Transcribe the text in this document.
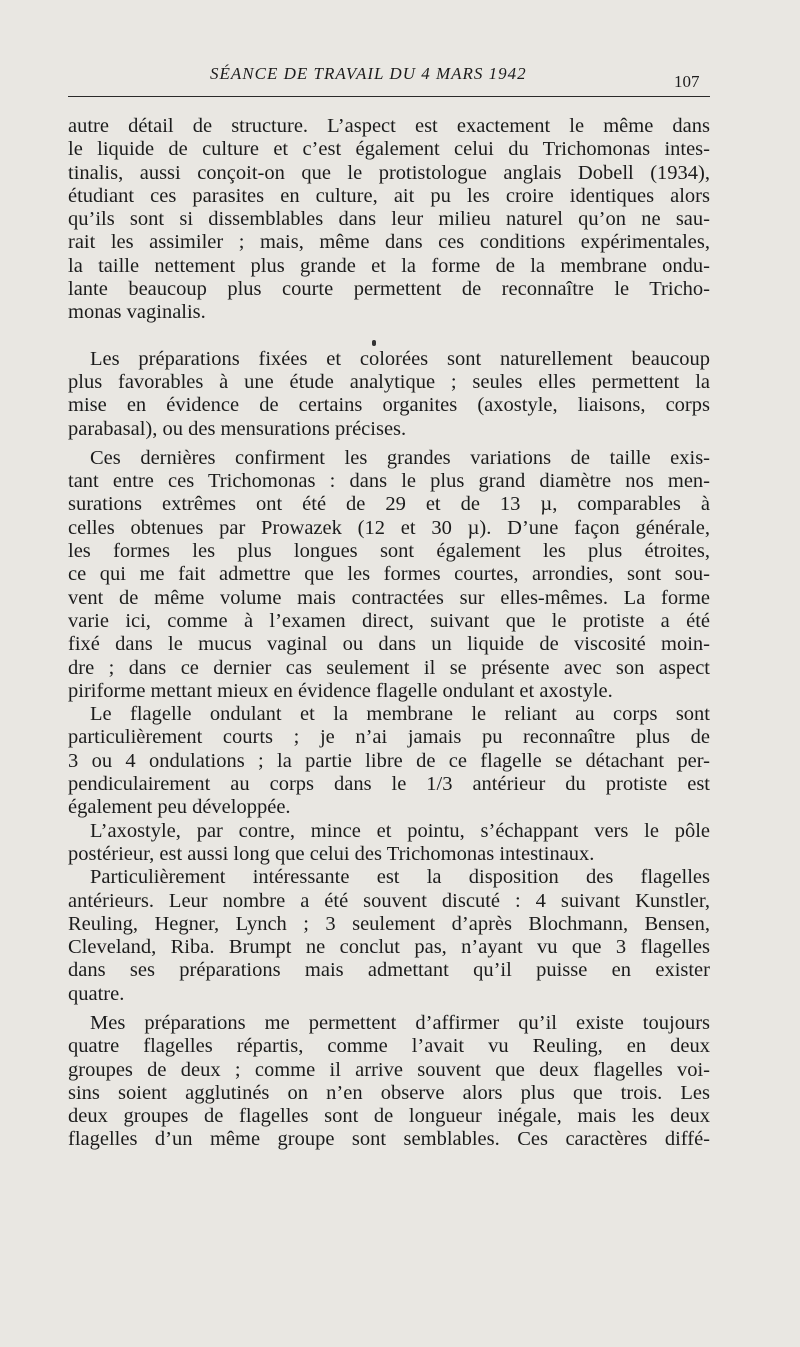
SÉANCE DE TRAVAIL DU 4 MARS 1942	107
autre détail de structure. L’aspect est exactement le même dans
le liquide de culture et c’est également celui du Trichomonas intes-
tinalis, aussi conçoit-on que le protistologue anglais Dobell (1934),
étudiant ces parasites en culture, ait pu les croire identiques alors
qu’ils sont si dissemblables dans leur milieu naturel qu’on ne sau-
rait les assimiler ; mais, même dans ces conditions expérimentales,
la taille nettement plus grande et la forme de la membrane ondu-
lante beaucoup plus courte permettent de reconnaître le Tricho-
monas vaginalis.
Les préparations fixées et colorées sont naturellement beaucoup
plus favorables à une étude analytique ; seules elles permettent la
mise en évidence de certains organites (axostyle, liaisons, corps
parabasal), ou des mensurations précises.
Ces dernières confirment les grandes variations de taille exis-
tant entre ces Trichomonas : dans le plus grand diamètre nos men-
surations extrêmes ont été de 29 et de 13 µ, comparables à
celles obtenues par Prowazek (12 et 30 µ). D’une façon générale,
les formes les plus longues sont également les plus étroites,
ce qui me fait admettre que les formes courtes, arrondies, sont sou-
vent de même volume mais contractées sur elles-mêmes. La forme
varie ici, comme à l’examen direct, suivant que le protiste a été
fixé dans le mucus vaginal ou dans un liquide de viscosité moin-
dre ; dans ce dernier cas seulement il se présente avec son aspect
piriforme mettant mieux en évidence flagelle ondulant et axostyle.
Le flagelle ondulant et la membrane le reliant au corps sont
particulièrement courts ; je n’ai jamais pu reconnaître plus de
3 ou 4 ondulations ; la partie libre de ce flagelle se détachant per-
pendiculairement au corps dans le 1/3 antérieur du protiste est
également peu développée.
L’axostyle, par contre, mince et pointu, s’échappant vers le pôle
postérieur, est aussi long que celui des Trichomonas intestinaux.
Particulièrement intéressante est la disposition des flagelles
antérieurs. Leur nombre a été souvent discuté : 4 suivant Kunstler,
Reuling, Hegner, Lynch ; 3 seulement d’après Blochmann, Bensen,
Cleveland, Riba. Brumpt ne conclut pas, n’ayant vu que 3 flagelles
dans ses préparations mais admettant qu’il puisse en exister
quatre.
Mes préparations me permettent d’affirmer qu’il existe toujours
quatre flagelles répartis, comme l’avait vu Reuling, en deux
groupes de deux ; comme il arrive souvent que deux flagelles voi-
sins soient agglutinés on n’en observe alors plus que trois. Les
deux groupes de flagelles sont de longueur inégale, mais les deux
flagelles d’un même groupe sont semblables. Ces caractères diffé-
